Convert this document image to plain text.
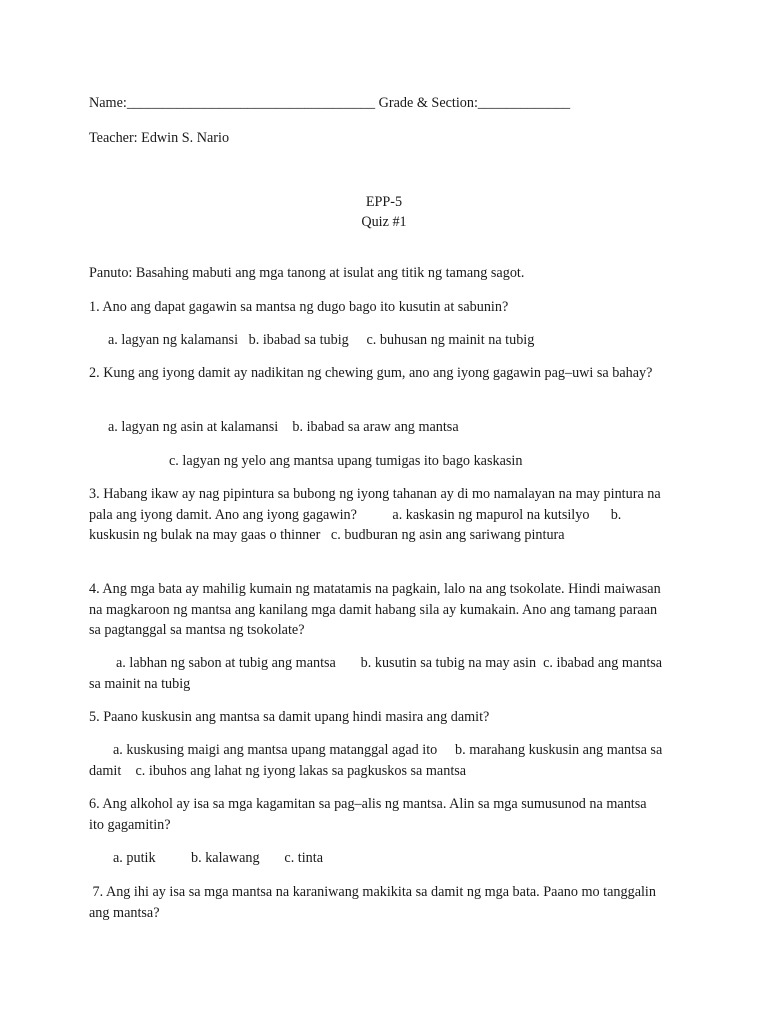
Name:___________________________________ Grade & Section:_____________
Teacher: Edwin S. Nario
EPP-5
Quiz #1
Panuto: Basahing mabuti ang mga tanong at isulat ang titik ng tamang sagot.
1. Ano ang dapat gagawin sa mantsa ng dugo bago ito kusutin at sabunin?
a. lagyan ng kalamansi   b. ibabad sa tubig     c. buhusan ng mainit na tubig
2. Kung ang iyong damit ay nadikitan ng chewing gum, ano ang iyong gagawin pag–uwi sa bahay?
a. lagyan ng asin at kalamansi    b. ibabad sa araw ang mantsa
c. lagyan ng yelo ang mantsa upang tumigas ito bago kaskasin
3. Habang ikaw ay nag pipintura sa bubong ng iyong tahanan ay di mo namalayan na may pintura na pala ang iyong damit. Ano ang iyong gagawin?          a. kaskasin ng mapurol na kutsilyo      b. kuskusin ng bulak na may gaas o thinner   c. budburan ng asin ang sariwang pintura
4. Ang mga bata ay mahilig kumain ng matatamis na pagkain, lalo na ang tsokolate. Hindi maiwasan na magkaroon ng mantsa ang kanilang mga damit habang sila ay kumakain. Ano ang tamang paraan sa pagtanggal sa mantsa ng tsokolate?
a. labhan ng sabon at tubig ang mantsa       b. kusutin sa tubig na may asin  c. ibabad ang mantsa sa mainit na tubig
5. Paano kuskusin ang mantsa sa damit upang hindi masira ang damit?
a. kuskusing maigi ang mantsa upang matanggal agad ito     b. marahang kuskusin ang mantsa sa damit    c. ibuhos ang lahat ng iyong lakas sa pagkuskos sa mantsa
6. Ang alkohol ay isa sa mga kagamitan sa pag–alis ng mantsa. Alin sa mga sumusunod na mantsa ito gagamitin?
a. putik          b. kalawang       c. tinta
7. Ang ihi ay isa sa mga mantsa na karaniwang makikita sa damit ng mga bata. Paano mo tanggalin ang mantsa?
